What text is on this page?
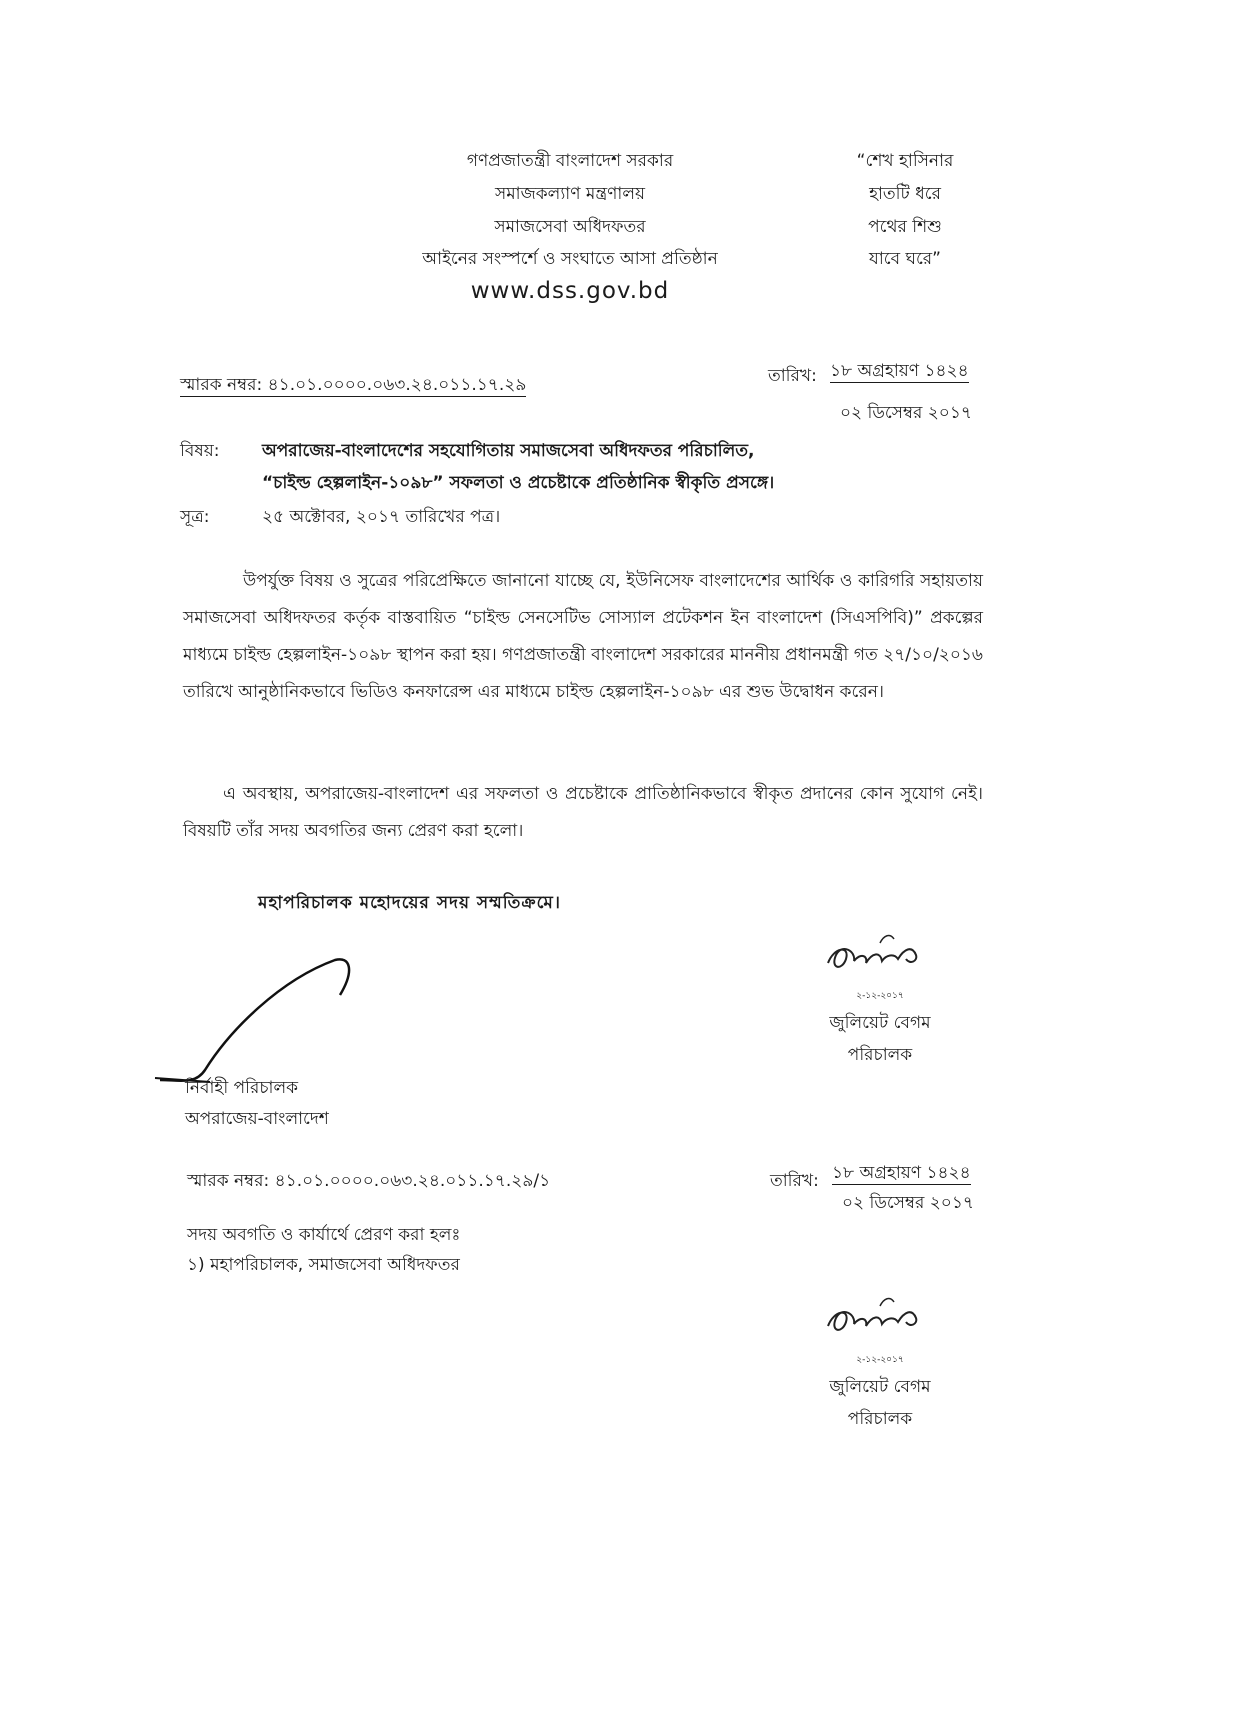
গণপ্রজাতন্ত্রী বাংলাদেশ সরকার
সমাজকল্যাণ মন্ত্রণালয়
সমাজসেবা অধিদফতর
আইনের সংস্পর্শে ও সংঘাতে আসা প্রতিষ্ঠান
www.dss.gov.bd
“শেখ হাসিনার
হাতটি ধরে
পথের শিশু
যাবে ঘরে”
স্মারক নম্বর: ৪১.০১.০০০০.০৬৩.২৪.০১১.১৭.২৯	তারিখ: ১৮ অগ্রহায়ণ ১৪২৪
০২ ডিসেম্বর ২০১৭
বিষয়:	অপরাজেয়-বাংলাদেশের সহযোগিতায় সমাজসেবা অধিদফতর পরিচালিত,
“চাইল্ড হেল্পলাইন-১০৯৮” সফলতা ও প্রচেষ্টাকে প্রতিষ্ঠানিক স্বীকৃতি প্রসঙ্গে।
সূত্র:	২৫ অক্টোবর, ২০১৭ তারিখের পত্র।
উপর্যুক্ত বিষয় ও সুত্রের পরিপ্রেক্ষিতে জানানো যাচ্ছে যে, ইউনিসেফ বাংলাদেশের আর্থিক ও কারিগরি সহায়তায় সমাজসেবা অধিদফতর কর্তৃক বাস্তবায়িত “চাইল্ড সেনসেটিভ সোস্যাল প্রটেকশন ইন বাংলাদেশ (সিএসপিবি)” প্রকল্পের মাধ্যমে চাইল্ড হেল্পলাইন-১০৯৮ স্থাপন করা হয়। গণপ্রজাতন্ত্রী বাংলাদেশ সরকারের মাননীয় প্রধানমন্ত্রী গত ২৭/১০/২০১৬ তারিখে আনুষ্ঠানিকভাবে ভিডিও কনফারেন্স এর মাধ্যমে চাইল্ড হেল্পলাইন-১০৯৮ এর শুভ উদ্বোধন করেন।
এ অবস্থায়, অপরাজেয়-বাংলাদেশ এর সফলতা ও প্রচেষ্টাকে প্রাতিষ্ঠানিকভাবে স্বীকৃত প্রদানের কোন সুযোগ নেই। বিষয়টি তাঁর সদয় অবগতির জন্য প্রেরণ করা হলো।
মহাপরিচালক মহোদয়ের সদয় সম্মতিক্রমে।
২-১২-২০১৭
জুলিয়েট বেগম
পরিচালক
নির্বাহী পরিচালক
অপরাজেয়-বাংলাদেশ
স্মারক নম্বর: ৪১.০১.০০০০.০৬৩.২৪.০১১.১৭.২৯/১	তারিখ: ১৮ অগ্রহায়ণ ১৪২৪
০২ ডিসেম্বর ২০১৭
সদয় অবগতি ও কার্যার্থে প্রেরণ করা হলঃ
১) মহাপরিচালক, সমাজসেবা অধিদফতর
২-১২-২০১৭
জুলিয়েট বেগম
পরিচালক
